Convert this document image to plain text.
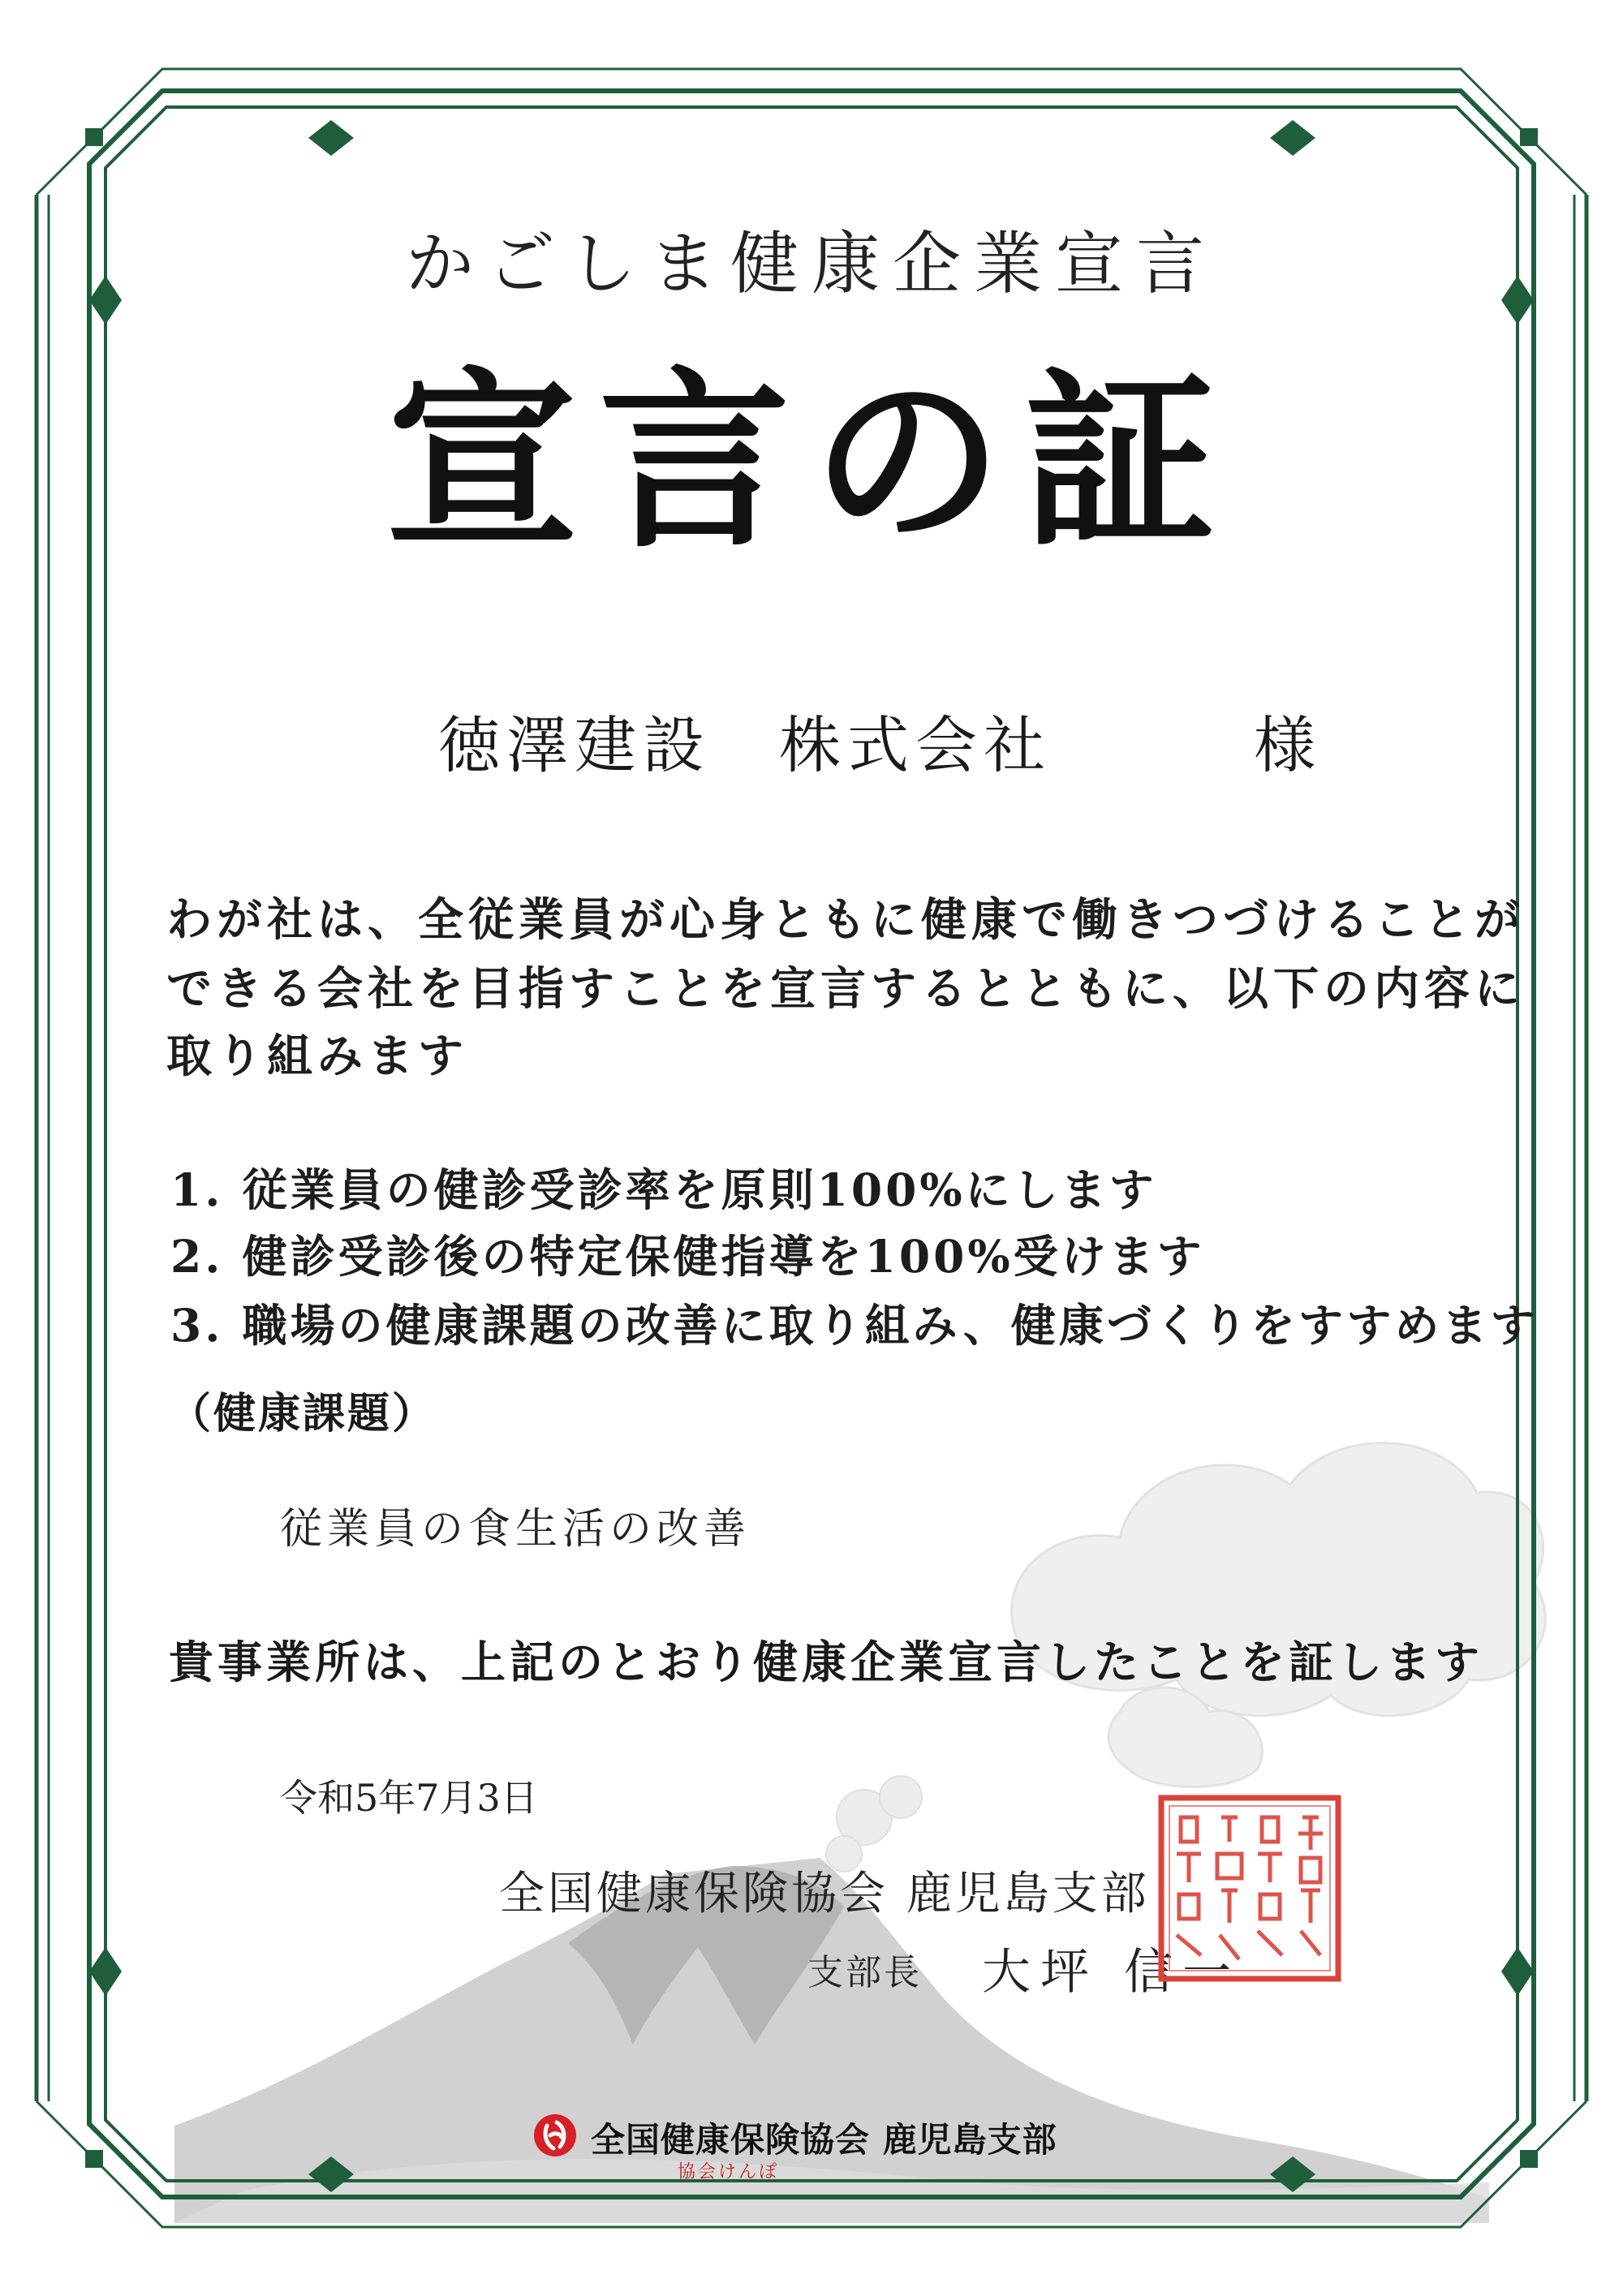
かごしま健康企業宣言
宣言の証
徳澤建設　株式会社	様
わが社は、全従業員が心身ともに健康で働きつづけることが
できる会社を目指すことを宣言するとともに、以下の内容に
取り組みます
1. 従業員の健診受診率を原則100%にします
2. 健診受診後の特定保健指導を100%受けます
3. 職場の健康課題の改善に取り組み、健康づくりをすすめます
（健康課題）
従業員の食生活の改善
貴事業所は、上記のとおり健康企業宣言したことを証します
令和5年7月3日
全国健康保険協会 鹿児島支部
支部長 大坪 信一
全国健康保険協会 鹿児島支部
協会けんぽ
